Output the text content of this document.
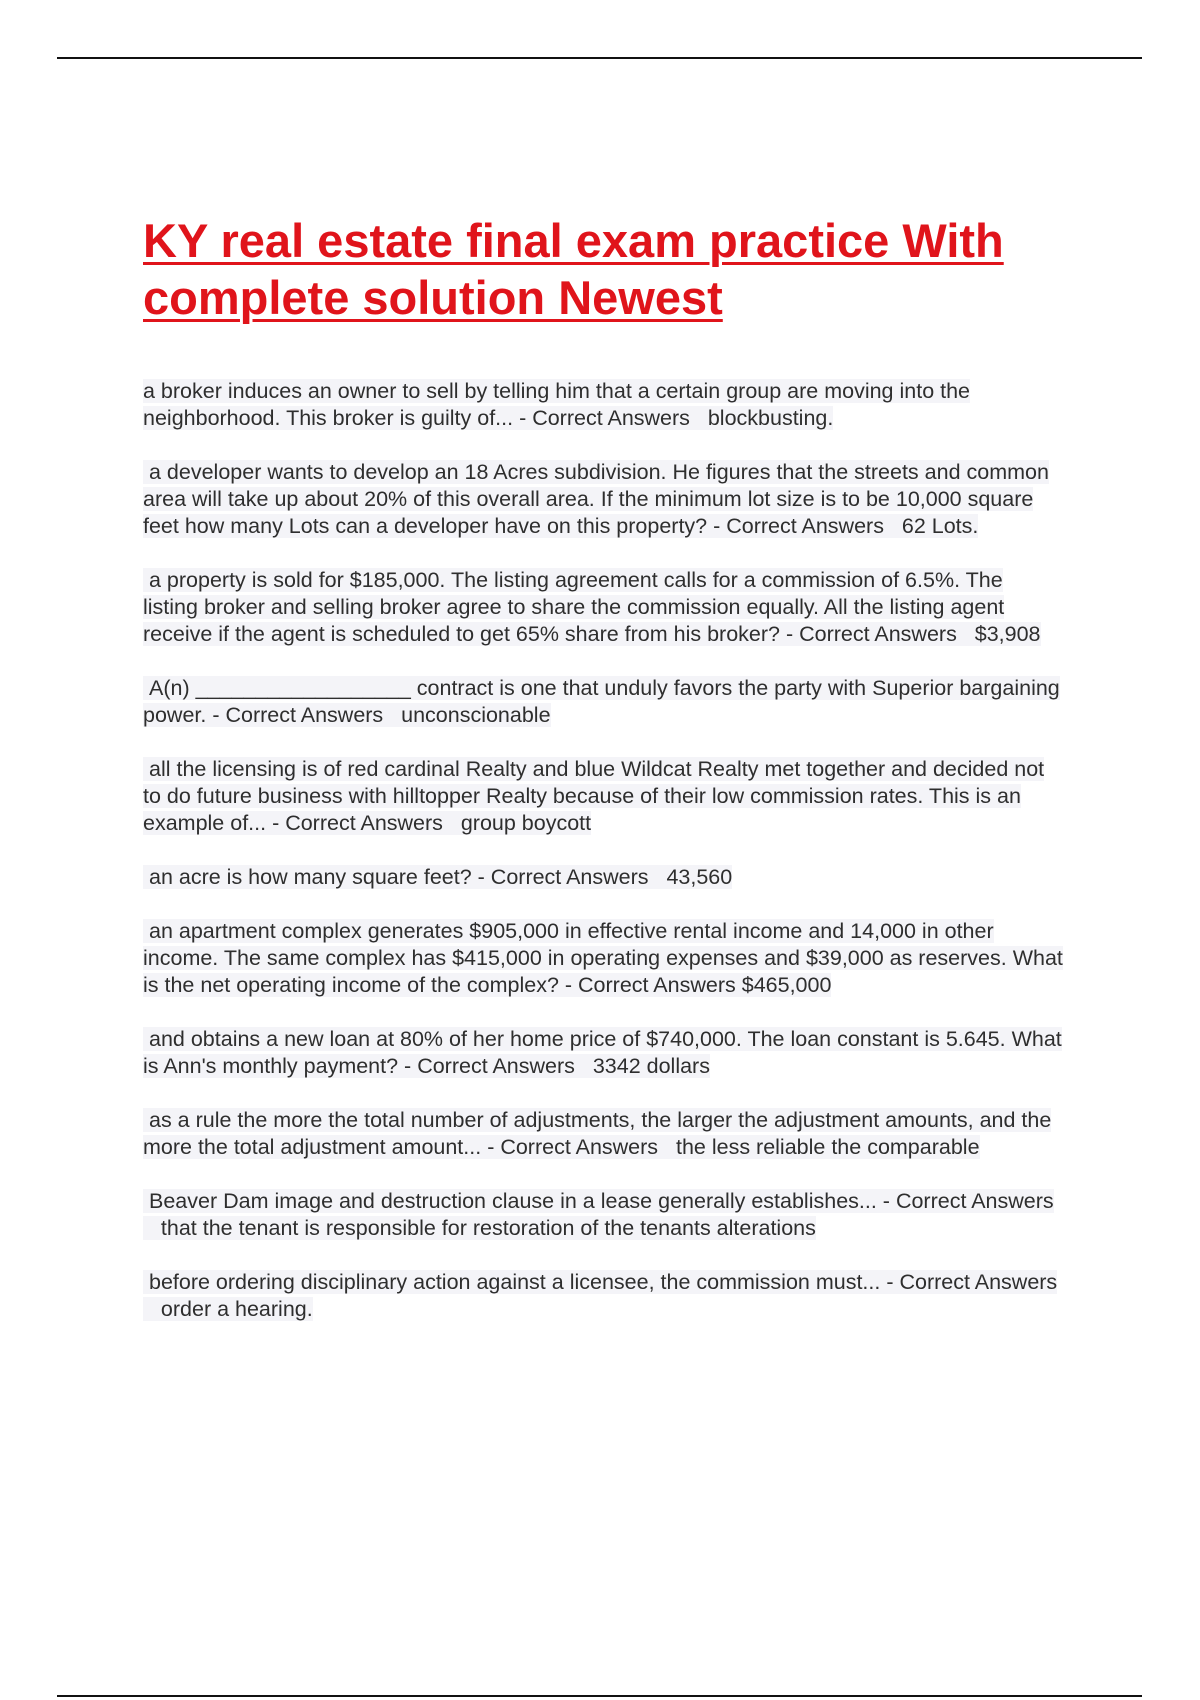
KY real estate final exam practice With complete solution Newest

a broker induces an owner to sell by telling him that a certain group are moving into the neighborhood. This broker is guilty of... - Correct Answers blockbusting.

a developer wants to develop an 18 Acres subdivision. He figures that the streets and common area will take up about 20% of this overall area. If the minimum lot size is to be 10,000 square feet how many Lots can a developer have on this property? - Correct Answers 62 Lots.

a property is sold for $185,000. The listing agreement calls for a commission of 6.5%. The listing broker and selling broker agree to share the commission equally. All the listing agent receive if the agent is scheduled to get 65% share from his broker? - Correct Answers $3,908

A(n) __________________ contract is one that unduly favors the party with Superior bargaining power. - Correct Answers unconscionable

all the licensing is of red cardinal Realty and blue Wildcat Realty met together and decided not to do future business with hilltopper Realty because of their low commission rates. This is an example of... - Correct Answers group boycott

an acre is how many square feet? - Correct Answers 43,560

an apartment complex generates $905,000 in effective rental income and 14,000 in other income. The same complex has $415,000 in operating expenses and $39,000 as reserves. What is the net operating income of the complex? - Correct Answers $465,000

and obtains a new loan at 80% of her home price of $740,000. The loan constant is 5.645. What is Ann's monthly payment? - Correct Answers 3342 dollars

as a rule the more the total number of adjustments, the larger the adjustment amounts, and the more the total adjustment amount... - Correct Answers the less reliable the comparable

Beaver Dam image and destruction clause in a lease generally establishes... - Correct Answers   that the tenant is responsible for restoration of the tenants alterations

before ordering disciplinary action against a licensee, the commission must... - Correct Answers   order a hearing.
